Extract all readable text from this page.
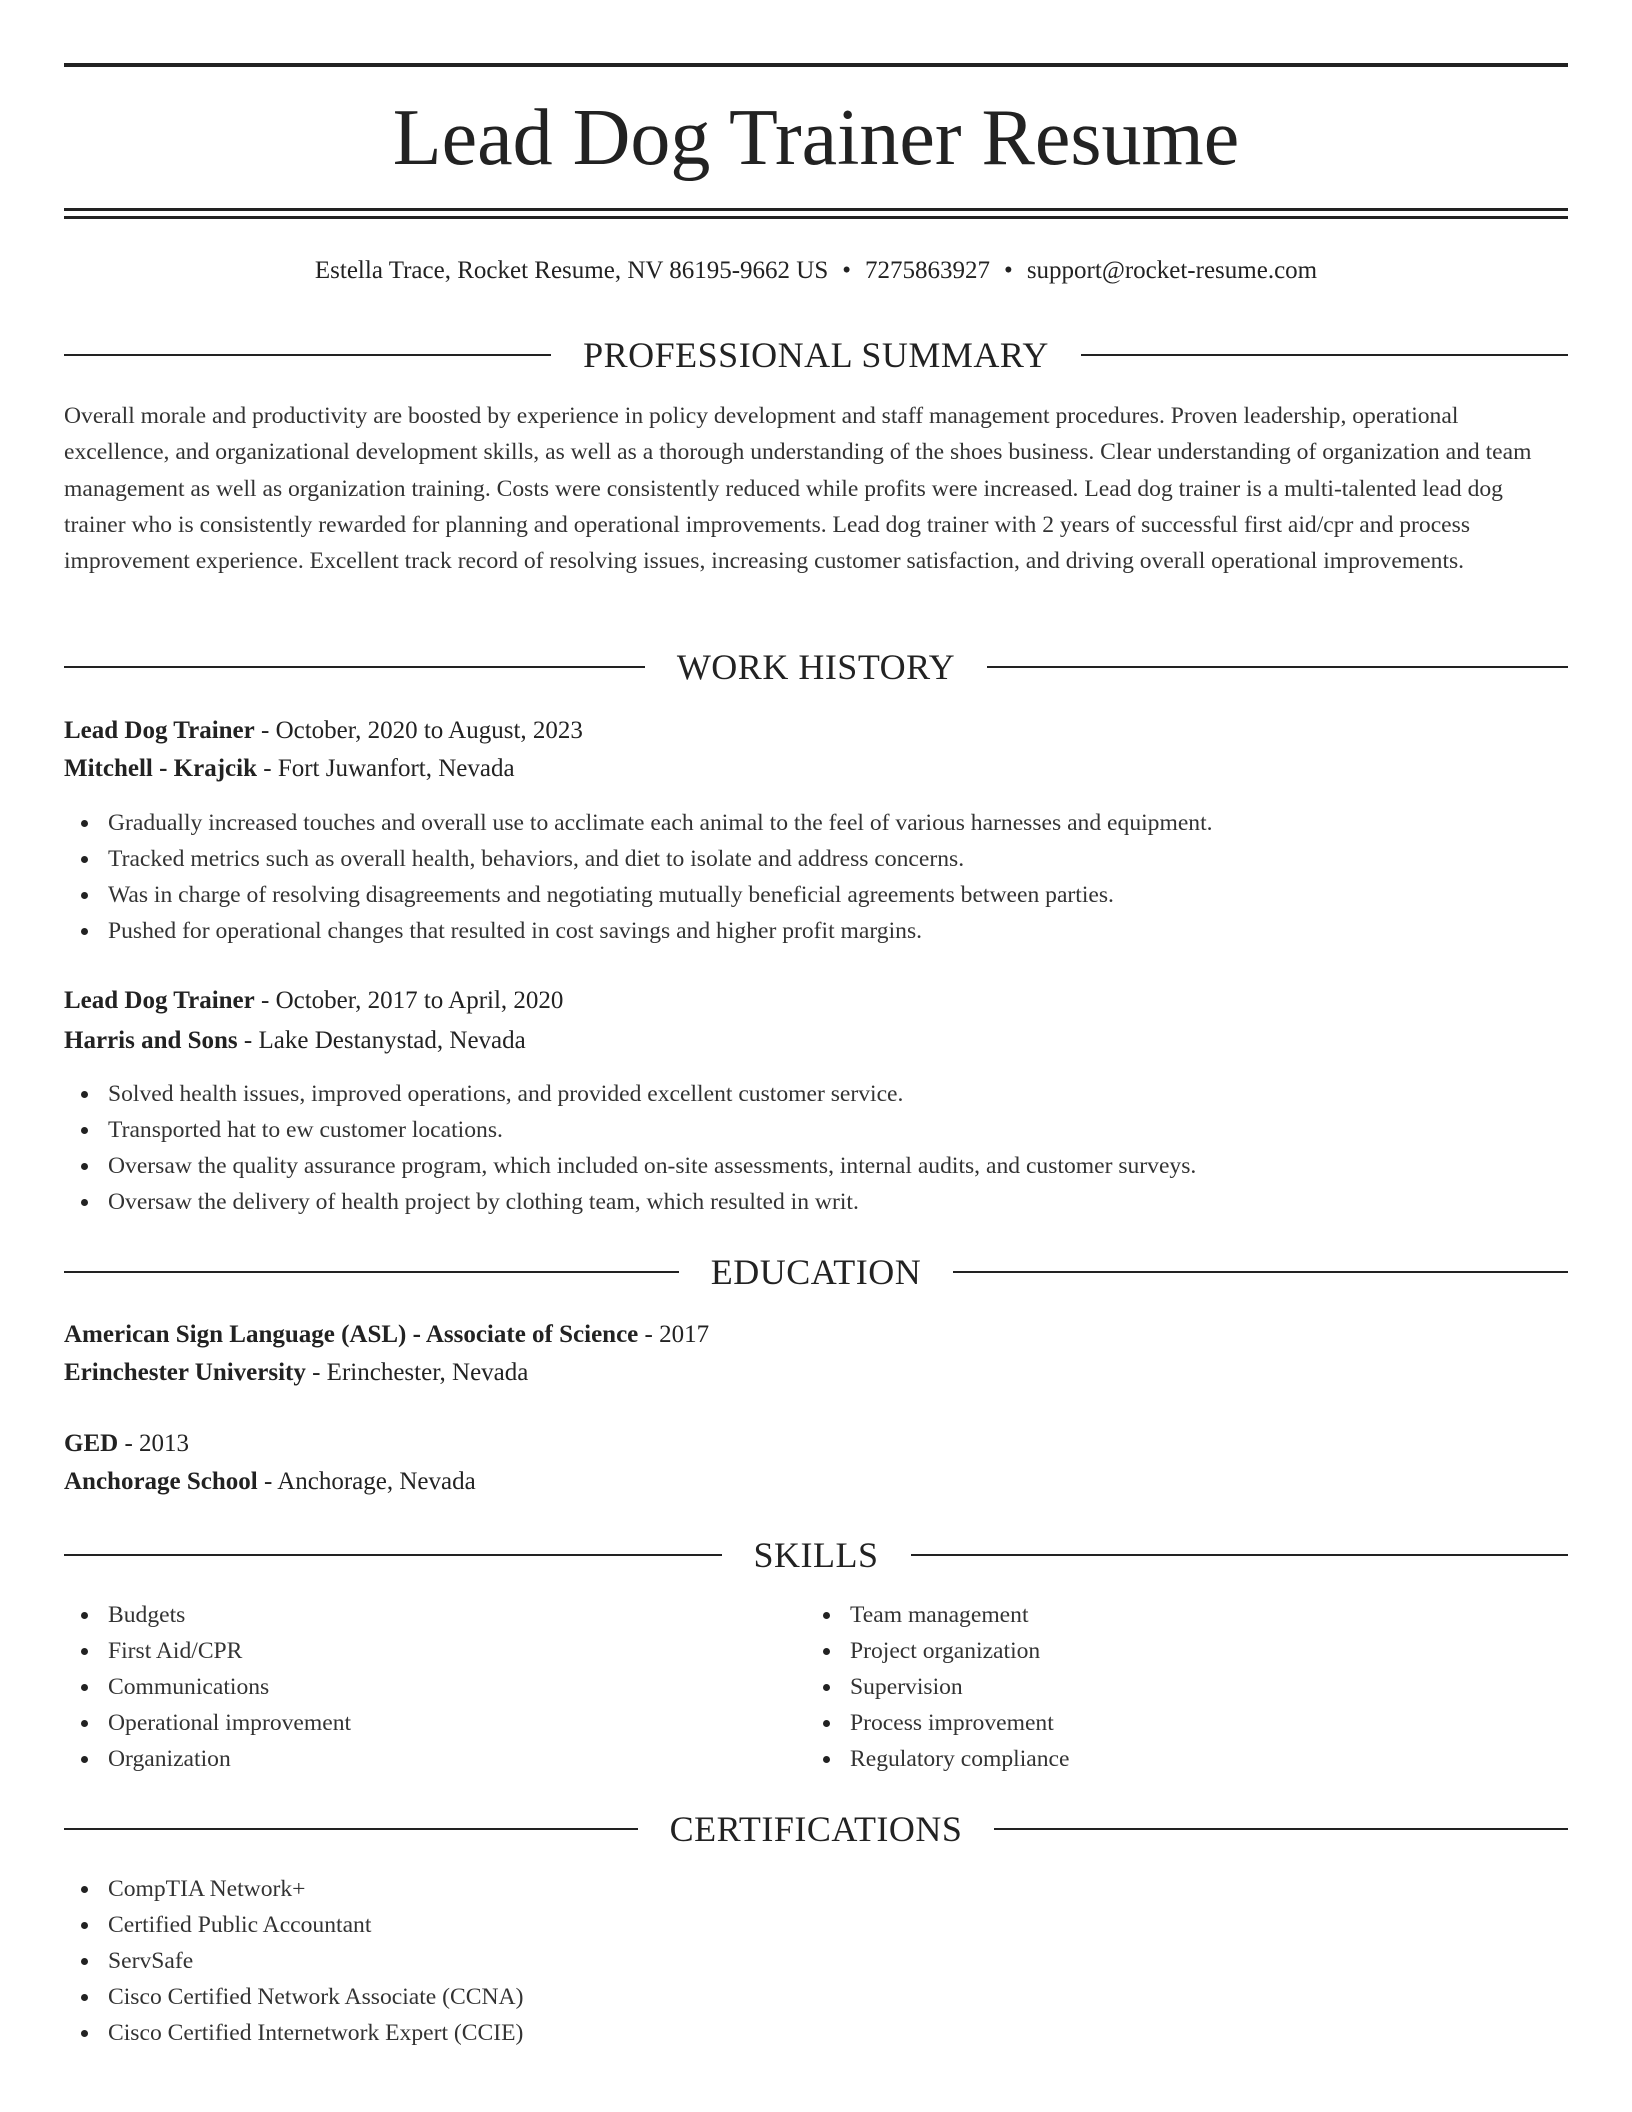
Lead Dog Trainer Resume
Estella Trace, Rocket Resume, NV 86195-9662 US • 7275863927 • support@rocket-resume.com
PROFESSIONAL SUMMARY

Overall morale and productivity are boosted by experience in policy development and staff management procedures. Proven leadership, operational excellence, and organizational development skills, as well as a thorough understanding of the shoes business. Clear understanding of organization and team management as well as organization training. Costs were consistently reduced while profits were increased. Lead dog trainer is a multi-talented lead dog trainer who is consistently rewarded for planning and operational improvements. Lead dog trainer with 2 years of successful first aid/cpr and process improvement experience. Excellent track record of resolving issues, increasing customer satisfaction, and driving overall operational improvements.

WORK HISTORY
Lead Dog Trainer - October, 2020 to August, 2023
Mitchell - Krajcik - Fort Juwanfort, Nevada
Gradually increased touches and overall use to acclimate each animal to the feel of various harnesses and equipment.
Tracked metrics such as overall health, behaviors, and diet to isolate and address concerns.
Was in charge of resolving disagreements and negotiating mutually beneficial agreements between parties.
Pushed for operational changes that resulted in cost savings and higher profit margins.
Lead Dog Trainer - October, 2017 to April, 2020
Harris and Sons - Lake Destanystad, Nevada
Solved health issues, improved operations, and provided excellent customer service.
Transported hat to ew customer locations.
Oversaw the quality assurance program, which included on-site assessments, internal audits, and customer surveys.
Oversaw the delivery of health project by clothing team, which resulted in writ.
EDUCATION
American Sign Language (ASL) - Associate of Science - 2017
Erinchester University - Erinchester, Nevada
GED - 2013
Anchorage School - Anchorage, Nevada
SKILLS
Budgets
First Aid/CPR
Communications
Operational improvement
Organization
Team management
Project organization
Supervision
Process improvement
Regulatory compliance
CERTIFICATIONS
CompTIA Network+
Certified Public Accountant
ServSafe
Cisco Certified Network Associate (CCNA)
Cisco Certified Internetwork Expert (CCIE)
